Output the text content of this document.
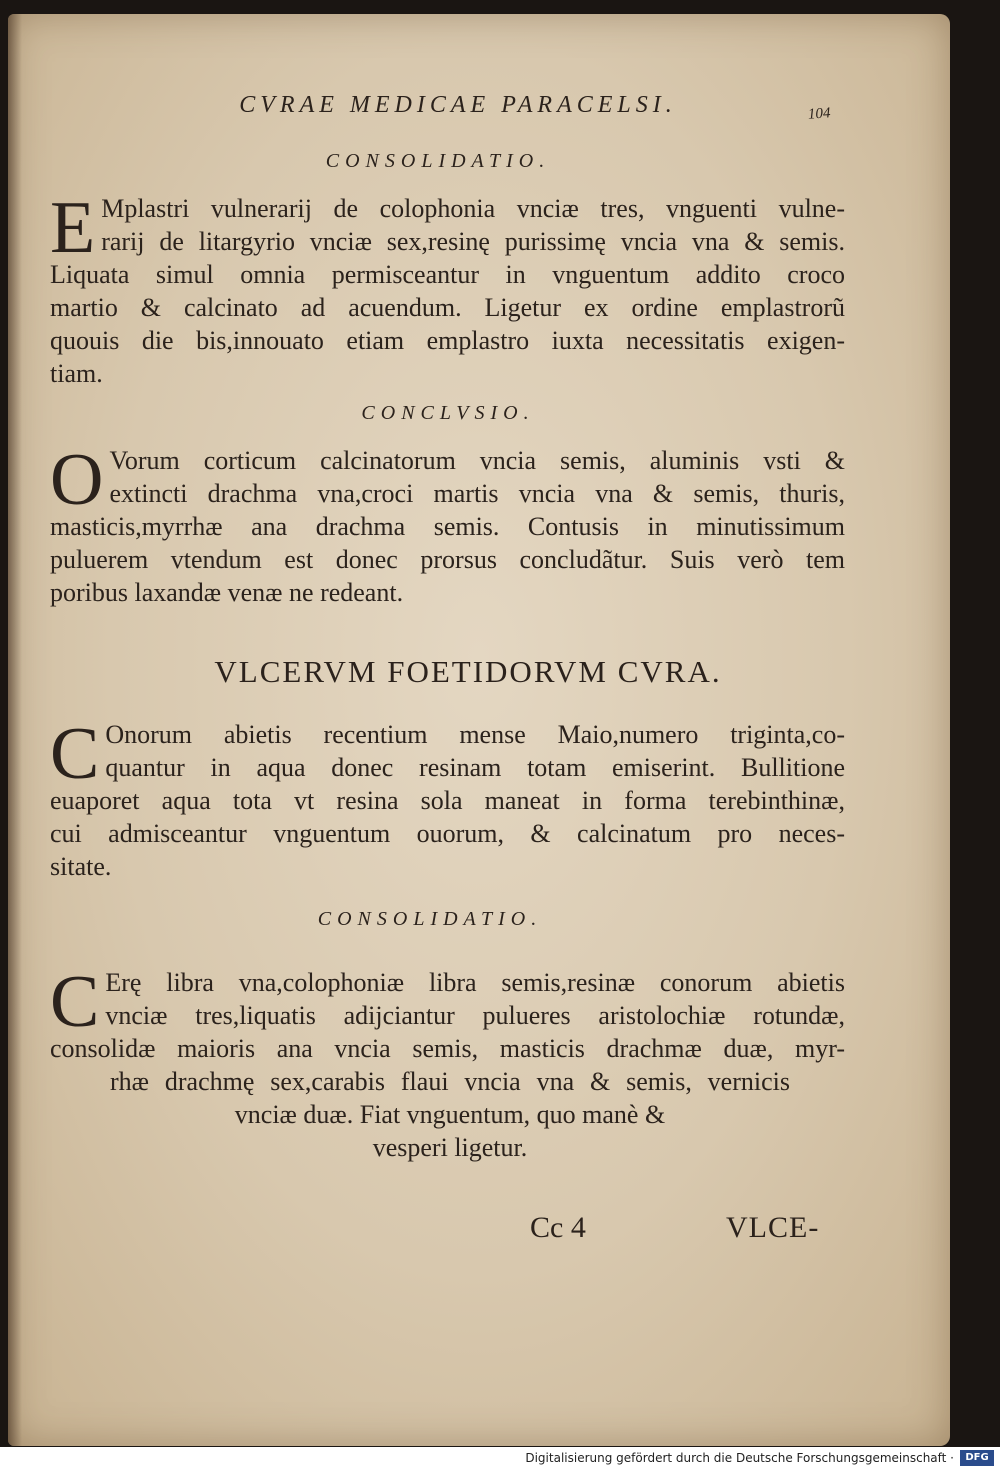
CVRAE MEDICAE PARACELSI.	104
CONSOLIDATIO.
E Mplastri vulnerarij de colophonia vnciæ tres, vnguenti vulne-
rarij de litargyrio vnciæ sex,resinę purissimę vncia vna & semis.
Liquata simul omnia permisceantur in vnguentum addito croco
martio & calcinato ad acuendum. Ligetur ex ordine emplastrorũ
quouis die bis,innouato etiam emplastro iuxta necessitatis exigen-
tiam.
CONCLVSIO.
O Vorum corticum calcinatorum vncia semis, aluminis vsti &
extincti drachma vna,croci martis vncia vna & semis, thuris,
masticis,myrrhæ ana drachma semis. Contusis in minutissimum
puluerem vtendum est donec prorsus concludãtur. Suis verò tem
poribus laxandæ venæ ne redeant.
VLCERVM FOETIDORVM CVRA.
C Onorum abietis recentium mense Maio,numero triginta,co-
quantur in aqua donec resinam totam emiserint. Bullitione
euaporet aqua tota vt resina sola maneat in forma terebinthinæ,
cui admisceantur vnguentum ouorum, & calcinatum pro neces-
sitate.
CONSOLIDATIO.
C Erę libra vna,colophoniæ libra semis,resinæ conorum abietis
vnciæ tres,liquatis adijciantur pulueres aristolochiæ rotundæ,
consolidæ maioris ana vncia semis, masticis drachmæ duæ, myr-
rhæ drachmę sex,carabis flaui vncia vna & semis, vernicis
vnciæ duæ. Fiat vnguentum, quo manè &
vesperi ligetur.
Cc 4	VLCE-
Digitalisierung gefördert durch die Deutsche Forschungsgemeinschaft ·	DFG
